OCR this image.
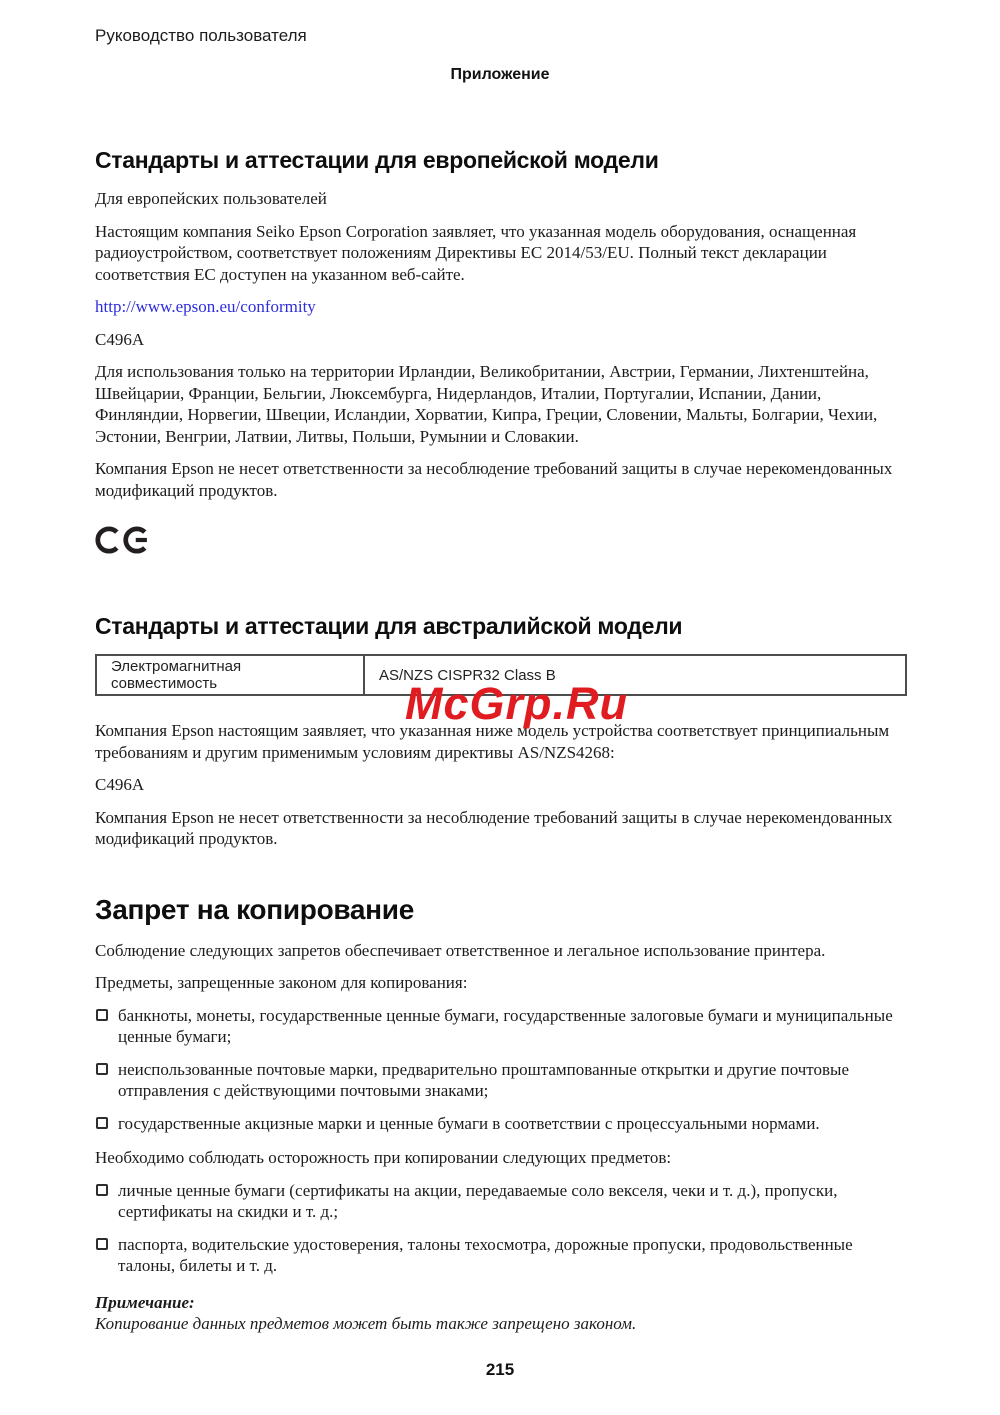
Руководство пользователя
Приложение
McGrp.Ru
Стандарты и аттестации для европейской модели

Для европейских пользователей

Настоящим компания Seiko Epson Corporation заявляет, что указанная модель оборудования, оснащенная радиоустройством, соответствует положениям Директивы ЕС 2014/53/EU. Полный текст декларации соответствия ЕС доступен на указанном веб-сайте.

http://www.epson.eu/conformity

C496A

Для использования только на территории Ирландии, Великобритании, Австрии, Германии, Лихтенштейна, Швейцарии, Франции, Бельгии, Люксембурга, Нидерландов, Италии, Португалии, Испании, Дании, Финляндии, Норвегии, Швеции, Исландии, Хорватии, Кипра, Греции, Словении, Мальты, Болгарии, Чехии, Эстонии, Венгрии, Латвии, Литвы, Польши, Румынии и Словакии.

Компания Epson не несет ответственности за несоблюдение требований защиты в случае нерекомендованных модификаций продуктов.

Стандарты и аттестации для австралийской модели
Электромагнитная совместимость	AS/NZS CISPR32 Class B

Компания Epson настоящим заявляет, что указанная ниже модель устройства соответствует принципиальным требованиям и другим применимым условиям директивы AS/NZS4268:

C496A

Компания Epson не несет ответственности за несоблюдение требований защиты в случае нерекомендованных модификаций продуктов.

Запрет на копирование

Соблюдение следующих запретов обеспечивает ответственное и легальное использование принтера.

Предметы, запрещенные законом для копирования:

банкноты, монеты, государственные ценные бумаги, государственные залоговые бумаги и муниципальные ценные бумаги;
неиспользованные почтовые марки, предварительно проштампованные открытки и другие почтовые отправления с действующими почтовыми знаками;
государственные акцизные марки и ценные бумаги в соответствии с процессуальными нормами.

Необходимо соблюдать осторожность при копировании следующих предметов:

личные ценные бумаги (сертификаты на акции, передаваемые соло векселя, чеки и т. д.), пропуски, сертификаты на скидки и т. д.;
паспорта, водительские удостоверения, талоны техосмотра, дорожные пропуски, продовольственные талоны, билеты и т. д.
Примечание:
Копирование данных предметов может быть также запрещено законом.
215
